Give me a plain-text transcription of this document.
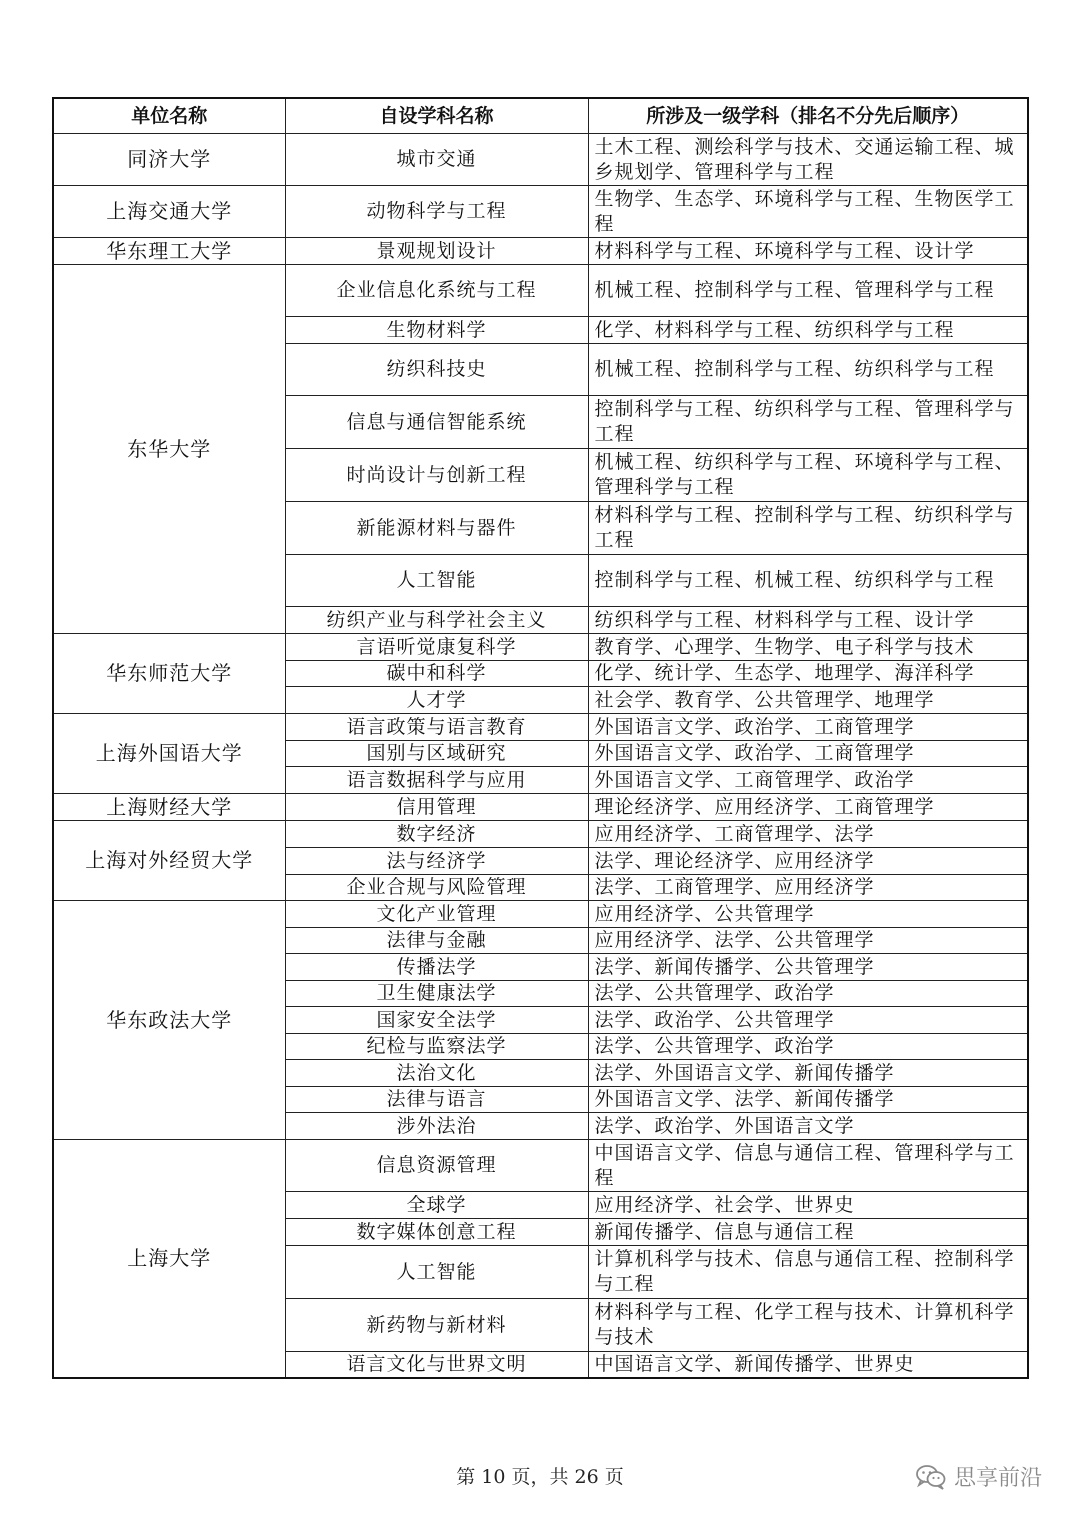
单位名称	自设学科名称	所涉及一级学科（排名不分先后顺序）
同济大学	城市交通	土木工程、测绘科学与技术、交通运输工程、城乡规划学、管理科学与工程
上海交通大学	动物科学与工程	生物学、生态学、环境科学与工程、生物医学工程
华东理工大学	景观规划设计	材料科学与工程、环境科学与工程、设计学
东华大学	企业信息化系统与工程	机械工程、控制科学与工程、管理科学与工程
	生物材料学	化学、材料科学与工程、纺织科学与工程
	纺织科技史	机械工程、控制科学与工程、纺织科学与工程
	信息与通信智能系统	控制科学与工程、纺织科学与工程、管理科学与工程
	时尚设计与创新工程	机械工程、纺织科学与工程、环境科学与工程、管理科学与工程
	新能源材料与器件	材料科学与工程、控制科学与工程、纺织科学与工程
	人工智能	控制科学与工程、机械工程、纺织科学与工程
	纺织产业与科学社会主义	纺织科学与工程、材料科学与工程、设计学
华东师范大学	言语听觉康复科学	教育学、心理学、生物学、电子科学与技术
	碳中和科学	化学、统计学、生态学、地理学、海洋科学
	人才学	社会学、教育学、公共管理学、地理学
上海外国语大学	语言政策与语言教育	外国语言文学、政治学、工商管理学
	国别与区域研究	外国语言文学、政治学、工商管理学
	语言数据科学与应用	外国语言文学、工商管理学、政治学
上海财经大学	信用管理	理论经济学、应用经济学、工商管理学
上海对外经贸大学	数字经济	应用经济学、工商管理学、法学
	法与经济学	法学、理论经济学、应用经济学
	企业合规与风险管理	法学、工商管理学、应用经济学
华东政法大学	文化产业管理	应用经济学、公共管理学
	法律与金融	应用经济学、法学、公共管理学
	传播法学	法学、新闻传播学、公共管理学
	卫生健康法学	法学、公共管理学、政治学
	国家安全法学	法学、政治学、公共管理学
	纪检与监察法学	法学、公共管理学、政治学
	法治文化	法学、外国语言文学、新闻传播学
	法律与语言	外国语言文学、法学、新闻传播学
	涉外法治	法学、政治学、外国语言文学
上海大学	信息资源管理	中国语言文学、信息与通信工程、管理科学与工程
	全球学	应用经济学、社会学、世界史
	数字媒体创意工程	新闻传播学、信息与通信工程
	人工智能	计算机科学与技术、信息与通信工程、控制科学与工程
	新药物与新材料	材料科学与工程、化学工程与技术、计算机科学与技术
	语言文化与世界文明	中国语言文学、新闻传播学、世界史
第 10 页，共 26 页	思享前沿
